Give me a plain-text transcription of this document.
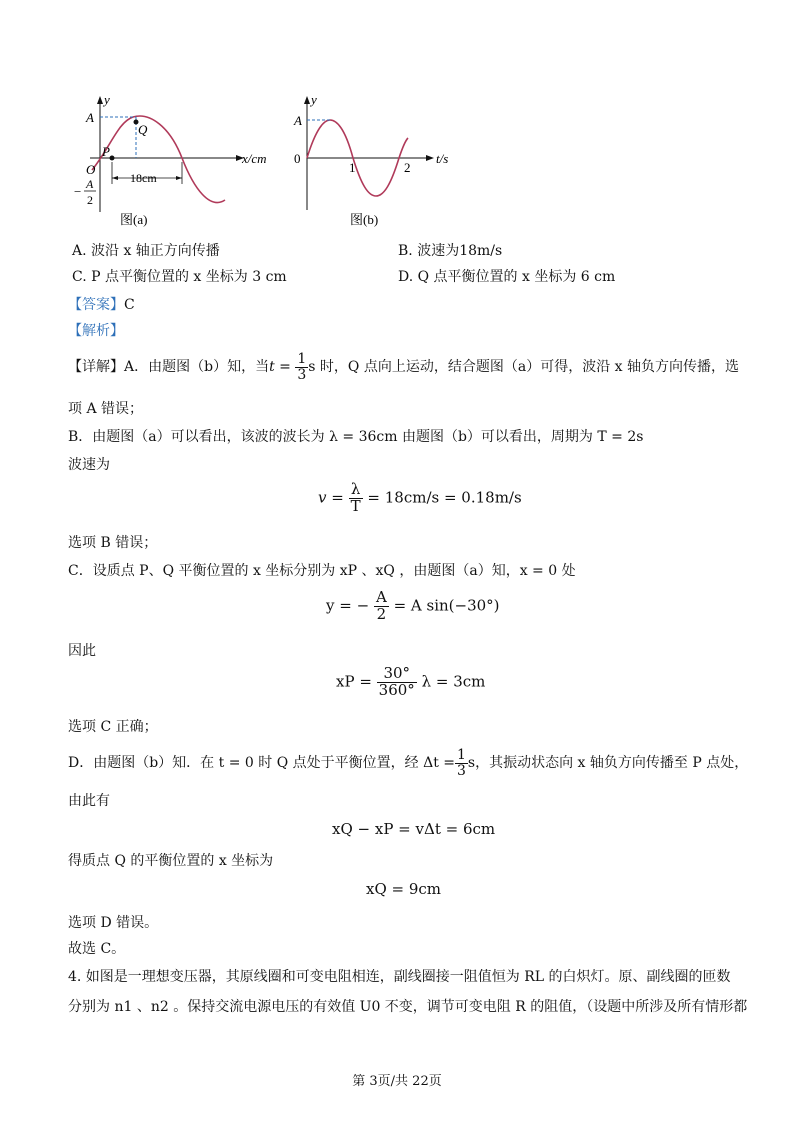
y
x/cm
A
O
P
Q
− A
2
18cm
图(a)
y
t/s
A
0
1	2
图(b)
A. 波沿 x 轴正方向传播	B. 波速为18m/s
C. P 点平衡位置的 x 坐标为 3 cm	D. Q 点平衡位置的 x 坐标为 6 cm
【答案】C
【解析】
【详解】A．由题图（b）知，当$t = \frac{1}{3}$ s 时，Q 点向上运动，结合题图（a）可得，波沿 x 轴负方向传播，选
项 A 错误；
B．由题图（a）可以看出，该波的波长为 λ = 36cm 由题图（b）可以看出，周期为 T = 2s
波速为
$v = \frac{\lambda}{T} = 18cm/s = 0.18m/s$
选项 B 错误；
C．设质点 P、Q 平衡位置的 x 坐标分别为 xP 、xQ ，由题图（a）知，x = 0 处
y = − $\frac{A}{2} = A$ sin(−30°)
因此
xP = $\frac{30^\circ}{360^\circ}$ λ = 3cm
选项 C 正确；
D．由题图（b）知．在 t = 0 时 Q 点处于平衡位置，经 $\Delta t = \frac{1}{3}$ s，其振动状态向 x 轴负方向传播至 P 点处，
由此有
xQ − xP = vΔt = 6cm
得质点 Q 的平衡位置的 x 坐标为
xQ = 9cm
选项 D 错误。
故选 C。
4. 如图是一理想变压器，其原线圈和可变电阻相连，副线圈接一阻值恒为 RL 的白炽灯。原、副线圈的匝数
分别为 n1 、n2 。保持交流电源电压的有效值 U0 不变，调节可变电阻 R 的阻值，（设题中所涉及所有情形都
第 3页/共 22页
